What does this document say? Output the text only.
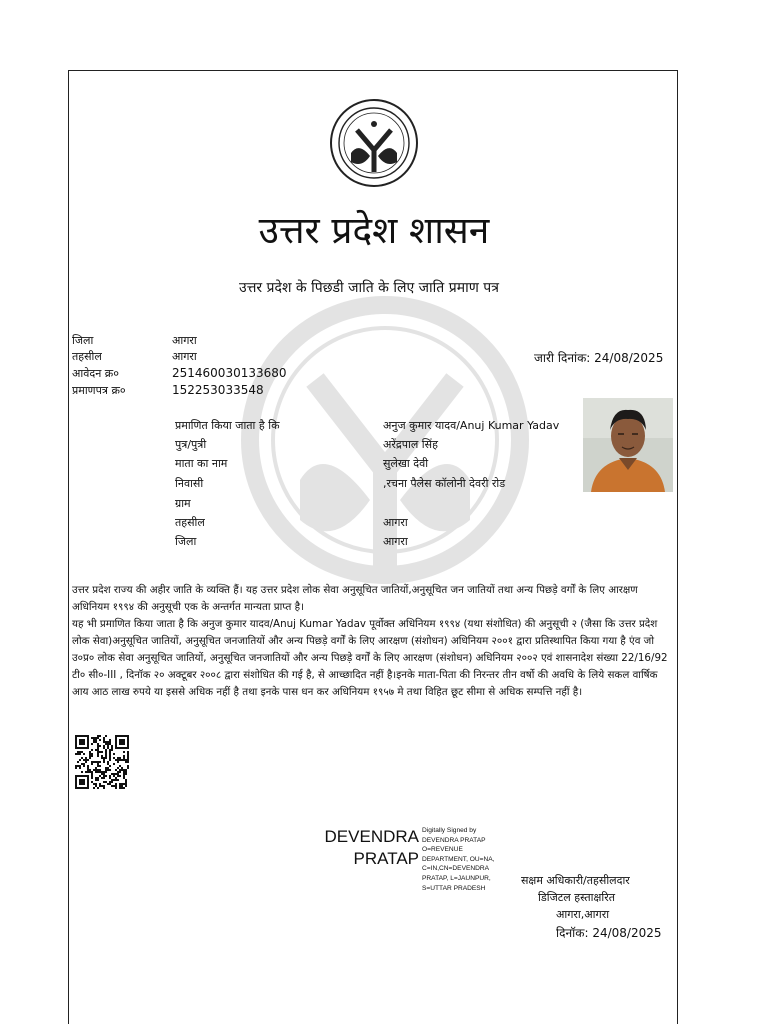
उत्तर प्रदेश शासन
उत्तर प्रदेश के पिछडी जाति के लिए जाति प्रमाण पत्र
जिला	आगरा
तहसील	आगरा
आवेदन क्र०	251460030133680
प्रमाणपत्र क्र०	152253033548
जारी दिनांक: 24/08/2025
प्रमाणित किया जाता है कि	अनुज कुमार यादव/Anuj Kumar Yadav
पुत्र/पुत्री	अरेंद्रपाल सिंह
माता का नाम	सुलेखा देवी
निवासी	,रचना पैलेस कॉलोनी देवरी रोड
ग्राम
तहसील	आगरा
जिला	आगरा

उत्तर प्रदेश राज्य की अहीर जाति के व्यक्ति हैं। यह उत्तर प्रदेश लोक सेवा अनुसूचित जातियों,अनुसूचित जन जातियों तथा अन्य पिछड़े वर्गों के लिए आरक्षण अधिनियम १९९४ की अनुसूची एक के अन्तर्गत मान्यता प्राप्त है।

यह भी प्रमाणित किया जाता है कि अनुज कुमार यादव/Anuj Kumar Yadav पूर्वोक्त अधिनियम १९९४ (यथा संशोधित) की अनुसूची २ (जैसा कि उत्तर प्रदेश लोक सेवा)अनुसूचित जातियों, अनुसूचित जनजातियों और अन्य पिछड़े वर्गों के लिए आरक्षण (संशोधन) अधिनियम २००१ द्वारा प्रतिस्थापित किया गया है एंव जो उ०प्र० लोक सेवा अनुसूचित जातियों, अनुसूचित जनजातियों और अन्य पिछड़े वर्गों के लिए आरक्षण (संशोधन) अधिनियम २००२ एवं शासनादेश संख्या 22/16/92 टी० सी०-III , दिनॉक २० अक्टूबर २००८ द्वारा संशोधित की गई है, से आच्छादित नहीं है।इनके माता-पिता की निरन्तर तीन वर्षो की अवधि के लिये सकल वार्षिक आय आठ लाख रुपये या इससे अधिक नहीं है तथा इनके पास धन कर अधिनियम १९५७ मे तथा विहित छूट सीमा से अधिक सम्पत्ति नहीं है।

DEVENDRA
PRATAP
Digitally Signed by DEVENDRA PRATAP O=REVENUE DEPARTMENT, OU=NA, C=IN,CN=DEVENDRA PRATAP, L=JAUNPUR, S=UTTAR PRADESH
सक्षम अधिकारी/तहसीलदार
डिजिटल हस्ताक्षरित
आगरा,आगरा
दिनॉक: 24/08/2025
